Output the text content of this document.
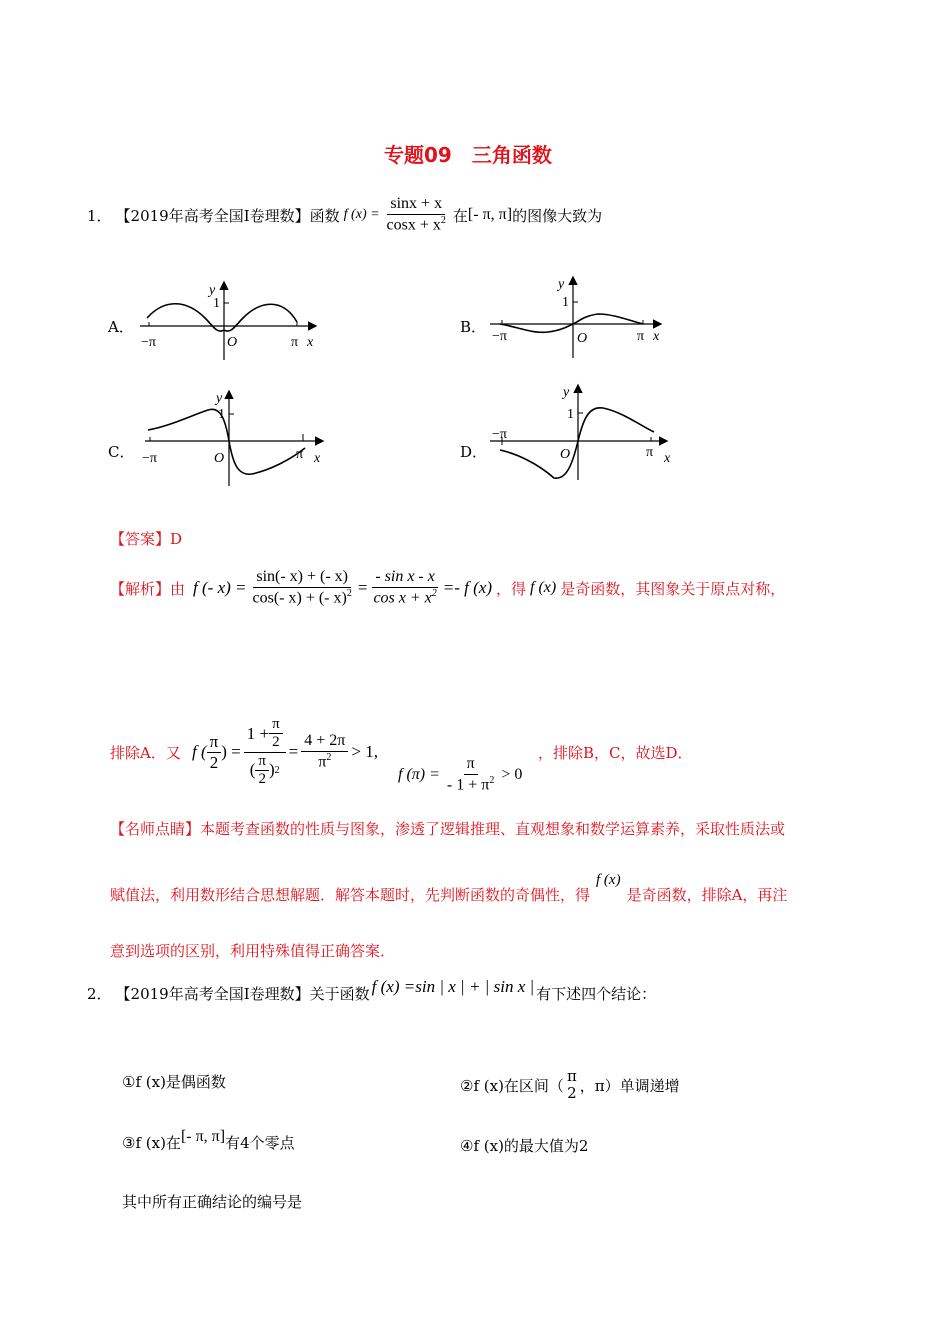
专题09　三角函数
1． 【2019年高考全国Ⅰ卷理数】 函数 f $(x) = \frac{\sin x + x}{\cos x + x^2}$ 在 [- π, π] 的图像大致为
A．
y
1
O
−π	π x
B．
y
1
O
−π	π x
C．
y
1
O
−π	π x	D．
y
1
O
−π
π x
【答案】D
【解析】 由 f (- $x) = \frac{\sin(- x) + (- x)}{\cos(- x) + (- x)^2} = \frac{\text{- sin x - x}}{\cos x + x^2} =- f$ (x) ，得 f (x) 是奇函数，其图象关于原点对称，
排除A．又 f ( $\frac{\pi}{2}$ ) = $\frac{1 + \frac{\pi}{2}}{( \frac{\pi}{2} ) 2} = \frac{4 + 2\pi}{\pi^2} > 1$,
f $(\pi) = \frac{\pi}{- 1 + \pi^2} > 0$
，排除B，C，故选D．
【名师点睛】本题考查函数的性质与图象，渗透了逻辑推理、直观想象和数学运算素养，采取性质法或
赋值法，利用数形结合思想解题．解答本题时，先判断函数的奇偶性，得
f (x)
是奇函数，排除A，再注
意到选项的区别，利用特殊值得正确答案．
2． 【2019年高考全国Ⅰ卷理数】 关于函数 f (x) =sin | x | + | sin x | 有下述四个结论：
①f (x)是偶函数	②f (x)在区间（
π
2 ，π）单调递增
③f (x)在 [- π, π] 有4个零点	④f (x)的最大值为2
其中所有正确结论的编号是
